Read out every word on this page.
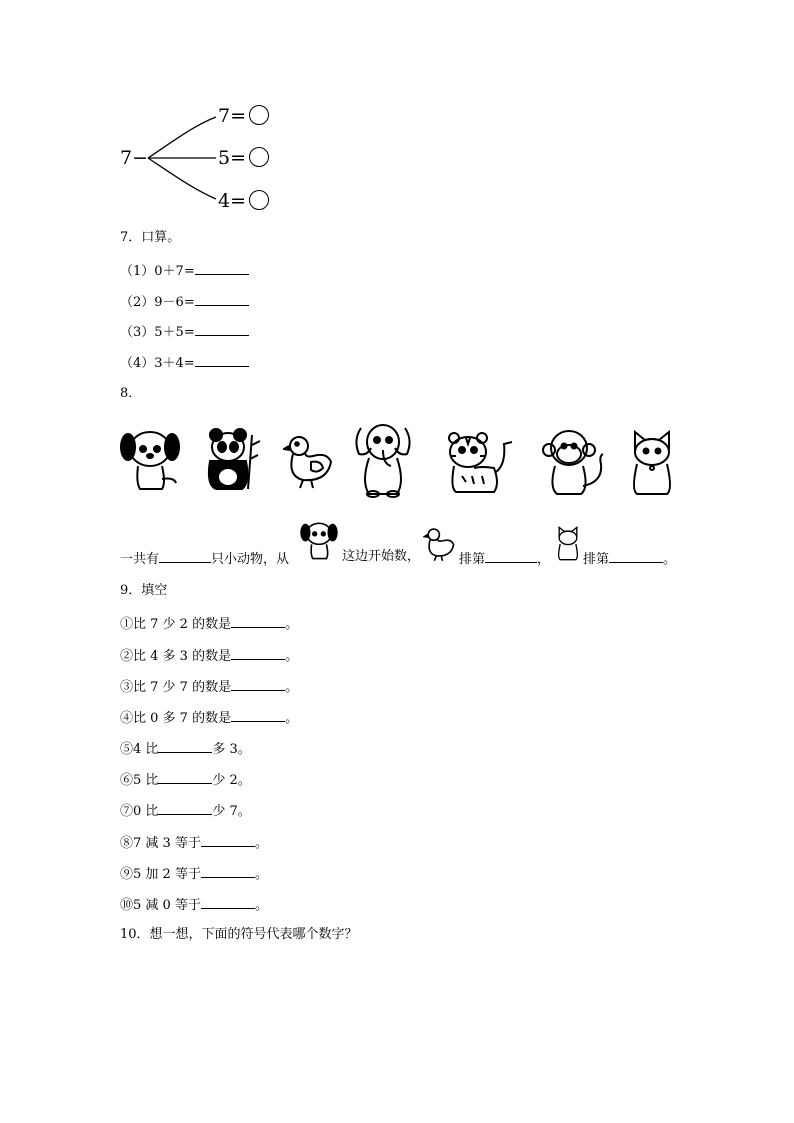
7−
7=
5=
4=
7．口算。
（1）0＋7=
（2）9－6=
（3）5＋5=
（4）3＋4=
8．
一共有	只小动物，从	这边开始数，	排第	，	排第	。
9．填空
①比 7 少 2 的数是	。
②比 4 多 3 的数是	。
③比 7 少 7 的数是	。
④比 0 多 7 的数是	。
⑤4 比	多 3。
⑥5 比	少 2。
⑦0 比	少 7。
⑧7 减 3 等于	。
⑨5 加 2 等于	。
⑩5 减 0 等于	。
10．想一想，下面的符号代表哪个数字？
